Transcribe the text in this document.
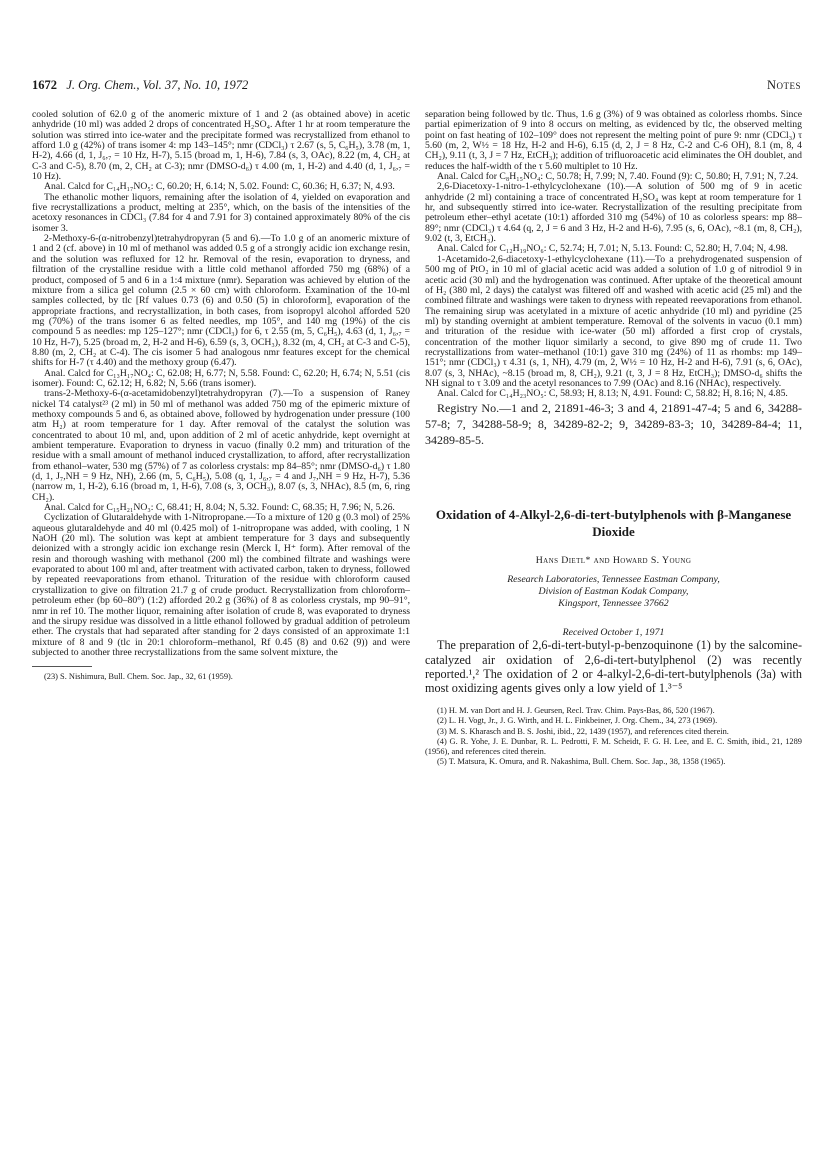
1672 J. Org. Chem., Vol. 37, No. 10, 1972	Notes

cooled solution of 62.0 g of the anomeric mixture of 1 and 2 (as obtained above) in acetic anhydride (10 ml) was added 2 drops of concentrated H₂SO₄. After 1 hr at room temperature the solution was stirred into ice-water and the precipitate formed was recrystallized from ethanol to afford 1.0 g (42%) of trans isomer 4: mp 143–145°; nmr (CDCl₃) τ 2.67 (s, 5, C₆H₅), 3.78 (m, 1, H-2), 4.66 (d, 1, J₆,₇ = 10 Hz, H-7), 5.15 (broad m, 1, H-6), 7.84 (s, 3, OAc), 8.22 (m, 4, CH₂ at C-3 and C-5), 8.70 (m, 2, CH₂ at C-3); nmr (DMSO-d₆) τ 4.00 (m, 1, H-2) and 4.40 (d, 1, J₆,₇ = 10 Hz).

Anal. Calcd for C₁₄H₁₇NO₅: C, 60.20; H, 6.14; N, 5.02. Found: C, 60.36; H, 6.37; N, 4.93.

The ethanolic mother liquors, remaining after the isolation of 4, yielded on evaporation and five recrystallizations a product, melting at 235°, which, on the basis of the intensities of the acetoxy resonances in CDCl₃ (7.84 for 4 and 7.91 for 3) contained approximately 80% of the cis isomer 3.

2-Methoxy-6-(α-nitrobenzyl)tetrahydropyran (5 and 6).—To 1.0 g of an anomeric mixture of 1 and 2 (cf. above) in 10 ml of methanol was added 0.5 g of a strongly acidic ion exchange resin, and the solution was refluxed for 12 hr. Removal of the resin, evaporation to dryness, and filtration of the crystalline residue with a little cold methanol afforded 750 mg (68%) of a product, composed of 5 and 6 in a 1:4 mixture (nmr). Separation was achieved by elution of the mixture from a silica gel column (2.5 × 60 cm) with chloroform. Examination of the 10-ml samples collected, by tlc [Rf values 0.73 (6) and 0.50 (5) in chloroform], evaporation of the appropriate fractions, and recrystallization, in both cases, from isopropyl alcohol afforded 520 mg (70%) of the trans isomer 6 as felted needles, mp 105°, and 140 mg (19%) of the cis compound 5 as needles: mp 125–127°; nmr (CDCl₃) for 6, τ 2.55 (m, 5, C₆H₅), 4.63 (d, 1, J₆,₇ = 10 Hz, H-7), 5.25 (broad m, 2, H-2 and H-6), 6.59 (s, 3, OCH₃), 8.32 (m, 4, CH₂ at C-3 and C-5), 8.80 (m, 2, CH₂ at C-4). The cis isomer 5 had analogous nmr features except for the chemical shifts for H-7 (τ 4.40) and the methoxy group (6.47).

Anal. Calcd for C₁₃H₁₇NO₄: C, 62.08; H, 6.77; N, 5.58. Found: C, 62.20; H, 6.74; N, 5.51 (cis isomer). Found: C, 62.12; H, 6.82; N, 5.66 (trans isomer).

trans-2-Methoxy-6-(α-acetamidobenzyl)tetrahydropyran (7).—To a suspension of Raney nickel T4 catalyst²³ (2 ml) in 50 ml of methanol was added 750 mg of the epimeric mixture of methoxy compounds 5 and 6, as obtained above, followed by hydrogenation under pressure (100 atm H₂) at room temperature for 1 day. After removal of the catalyst the solution was concentrated to about 10 ml, and, upon addition of 2 ml of acetic anhydride, kept overnight at ambient temperature. Evaporation to dryness in vacuo (finally 0.2 mm) and trituration of the residue with a small amount of methanol induced crystallization, to afford, after recrystallization from ethanol–water, 530 mg (57%) of 7 as colorless crystals: mp 84–85°; nmr (DMSO-d₆) τ 1.80 (d, 1, J₇,NH = 9 Hz, NH), 2.66 (m, 5, C₆H₅), 5.08 (q, 1, J₆,₇ = 4 and J₇,NH = 9 Hz, H-7), 5.36 (narrow m, 1, H-2), 6.16 (broad m, 1, H-6), 7.08 (s, 3, OCH₃), 8.07 (s, 3, NHAc), 8.5 (m, 6, ring CH₂).

Anal. Calcd for C₁₅H₂₁NO₃: C, 68.41; H, 8.04; N, 5.32. Found: C, 68.35; H, 7.96; N, 5.26.

Cyclization of Glutaraldehyde with 1-Nitropropane.—To a mixture of 120 g (0.3 mol) of 25% aqueous glutaraldehyde and 40 ml (0.425 mol) of 1-nitropropane was added, with cooling, 1 N NaOH (20 ml). The solution was kept at ambient temperature for 3 days and subsequently deionized with a strongly acidic ion exchange resin (Merck I, H⁺ form). After removal of the resin and thorough washing with methanol (200 ml) the combined filtrate and washings were evaporated to about 100 ml and, after treatment with activated carbon, taken to dryness, followed by repeated reevaporations from ethanol. Trituration of the residue with chloroform caused crystallization to give on filtration 21.7 g of crude product. Recrystallization from chloroform–petroleum ether (bp 60–80°) (1:2) afforded 20.2 g (36%) of 8 as colorless crystals, mp 90–91°, nmr in ref 10. The mother liquor, remaining after isolation of crude 8, was evaporated to dryness and the sirupy residue was dissolved in a little ethanol followed by gradual addition of petroleum ether. The crystals that had separated after standing for 2 days consisted of an approximate 1:1 mixture of 8 and 9 (tlc in 20:1 chloroform–methanol, Rf 0.45 (8) and 0.62 (9)) and were subjected to another three recrystallizations from the same solvent mixture, the

(23) S. Nishimura, Bull. Chem. Soc. Jap., 32, 61 (1959).

separation being followed by tlc. Thus, 1.6 g (3%) of 9 was obtained as colorless rhombs. Since partial epimerization of 9 into 8 occurs on melting, as evidenced by tlc, the observed melting point on fast heating of 102–109° does not represent the melting point of pure 9: nmr (CDCl₃) τ 5.60 (m, 2, W½ = 18 Hz, H-2 and H-6), 6.15 (d, 2, J = 8 Hz, C-2 and C-6 OH), 8.1 (m, 8, 4 CH₂), 9.11 (t, 3, J = 7 Hz, EtCH₃); addition of trifluoroacetic acid eliminates the OH doublet, and reduces the half-width of the τ 5.60 multiplet to 10 Hz.

Anal. Calcd for C₈H₁₅NO₄: C, 50.78; H, 7.99; N, 7.40. Found (9): C, 50.80; H, 7.91; N, 7.24.

2,6-Diacetoxy-1-nitro-1-ethylcyclohexane (10).—A solution of 500 mg of 9 in acetic anhydride (2 ml) containing a trace of concentrated H₂SO₄ was kept at room temperature for 1 hr, and subsequently stirred into ice-water. Recrystallization of the resulting precipitate from petroleum ether–ethyl acetate (10:1) afforded 310 mg (54%) of 10 as colorless spears: mp 88–89°; nmr (CDCl₃) τ 4.64 (q, 2, J = 6 and 3 Hz, H-2 and H-6), 7.95 (s, 6, OAc), ~8.1 (m, 8, CH₂), 9.02 (t, 3, EtCH₃).

Anal. Calcd for C₁₂H₁₉NO₆: C, 52.74; H, 7.01; N, 5.13. Found: C, 52.80; H, 7.04; N, 4.98.

1-Acetamido-2,6-diacetoxy-1-ethylcyclohexane (11).—To a prehydrogenated suspension of 500 mg of PtO₂ in 10 ml of glacial acetic acid was added a solution of 1.0 g of nitrodiol 9 in acetic acid (30 ml) and the hydrogenation was continued. After uptake of the theoretical amount of H₂ (380 ml, 2 days) the catalyst was filtered off and washed with acetic acid (25 ml) and the combined filtrate and washings were taken to dryness with repeated reevaporations from ethanol. The remaining sirup was acetylated in a mixture of acetic anhydride (10 ml) and pyridine (25 ml) by standing overnight at ambient temperature. Removal of the solvents in vacuo (0.1 mm) and trituration of the residue with ice-water (50 ml) afforded a first crop of crystals, concentration of the mother liquor similarly a second, to give 890 mg of crude 11. Two recrystallizations from water–methanol (10:1) gave 310 mg (24%) of 11 as rhombs: mp 149–151°; nmr (CDCl₃) τ 4.31 (s, 1, NH), 4.79 (m, 2, W½ = 10 Hz, H-2 and H-6), 7.91 (s, 6, OAc), 8.07 (s, 3, NHAc), ~8.15 (broad m, 8, CH₂), 9.21 (t, 3, J = 8 Hz, EtCH₃); DMSO-d₆ shifts the NH signal to τ 3.09 and the acetyl resonances to 7.99 (OAc) and 8.16 (NHAc), respectively.

Anal. Calcd for C₁₄H₂₃NO₅: C, 58.93; H, 8.13; N, 4.91. Found: C, 58.82; H, 8.16; N, 4.85.

Registry No.—1 and 2, 21891-46-3; 3 and 4, 21891-47-4; 5 and 6, 34288-57-8; 7, 34288-58-9; 8, 34289-82-2; 9, 34289-83-3; 10, 34289-84-4; 11, 34289-85-5.

Oxidation of 4-Alkyl-2,6-di-tert-butylphenols with β-Manganese Dioxide
Hans Dietl* and Howard S. Young
Research Laboratories, Tennessee Eastman Company,
Division of Eastman Kodak Company,
Kingsport, Tennessee 37662
Received October 1, 1971

The preparation of 2,6-di-tert-butyl-p-benzoquinone (1) by the salcomine-catalyzed air oxidation of 2,6-di-tert-butylphenol (2) was recently reported.¹,² The oxidation of 2 or 4-alkyl-2,6-di-tert-butylphenols (3a) with most oxidizing agents gives only a low yield of 1.³⁻⁵

(1) H. M. van Dort and H. J. Geursen, Recl. Trav. Chim. Pays-Bas, 86, 520 (1967).

(2) L. H. Vogt, Jr., J. G. Wirth, and H. L. Finkbeiner, J. Org. Chem., 34, 273 (1969).

(3) M. S. Kharasch and B. S. Joshi, ibid., 22, 1439 (1957), and references cited therein.

(4) G. R. Yohe, J. E. Dunbar, R. L. Pedrotti, F. M. Scheidt, F. G. H. Lee, and E. C. Smith, ibid., 21, 1289 (1956), and references cited therein.

(5) T. Matsura, K. Omura, and R. Nakashima, Bull. Chem. Soc. Jap., 38, 1358 (1965).
